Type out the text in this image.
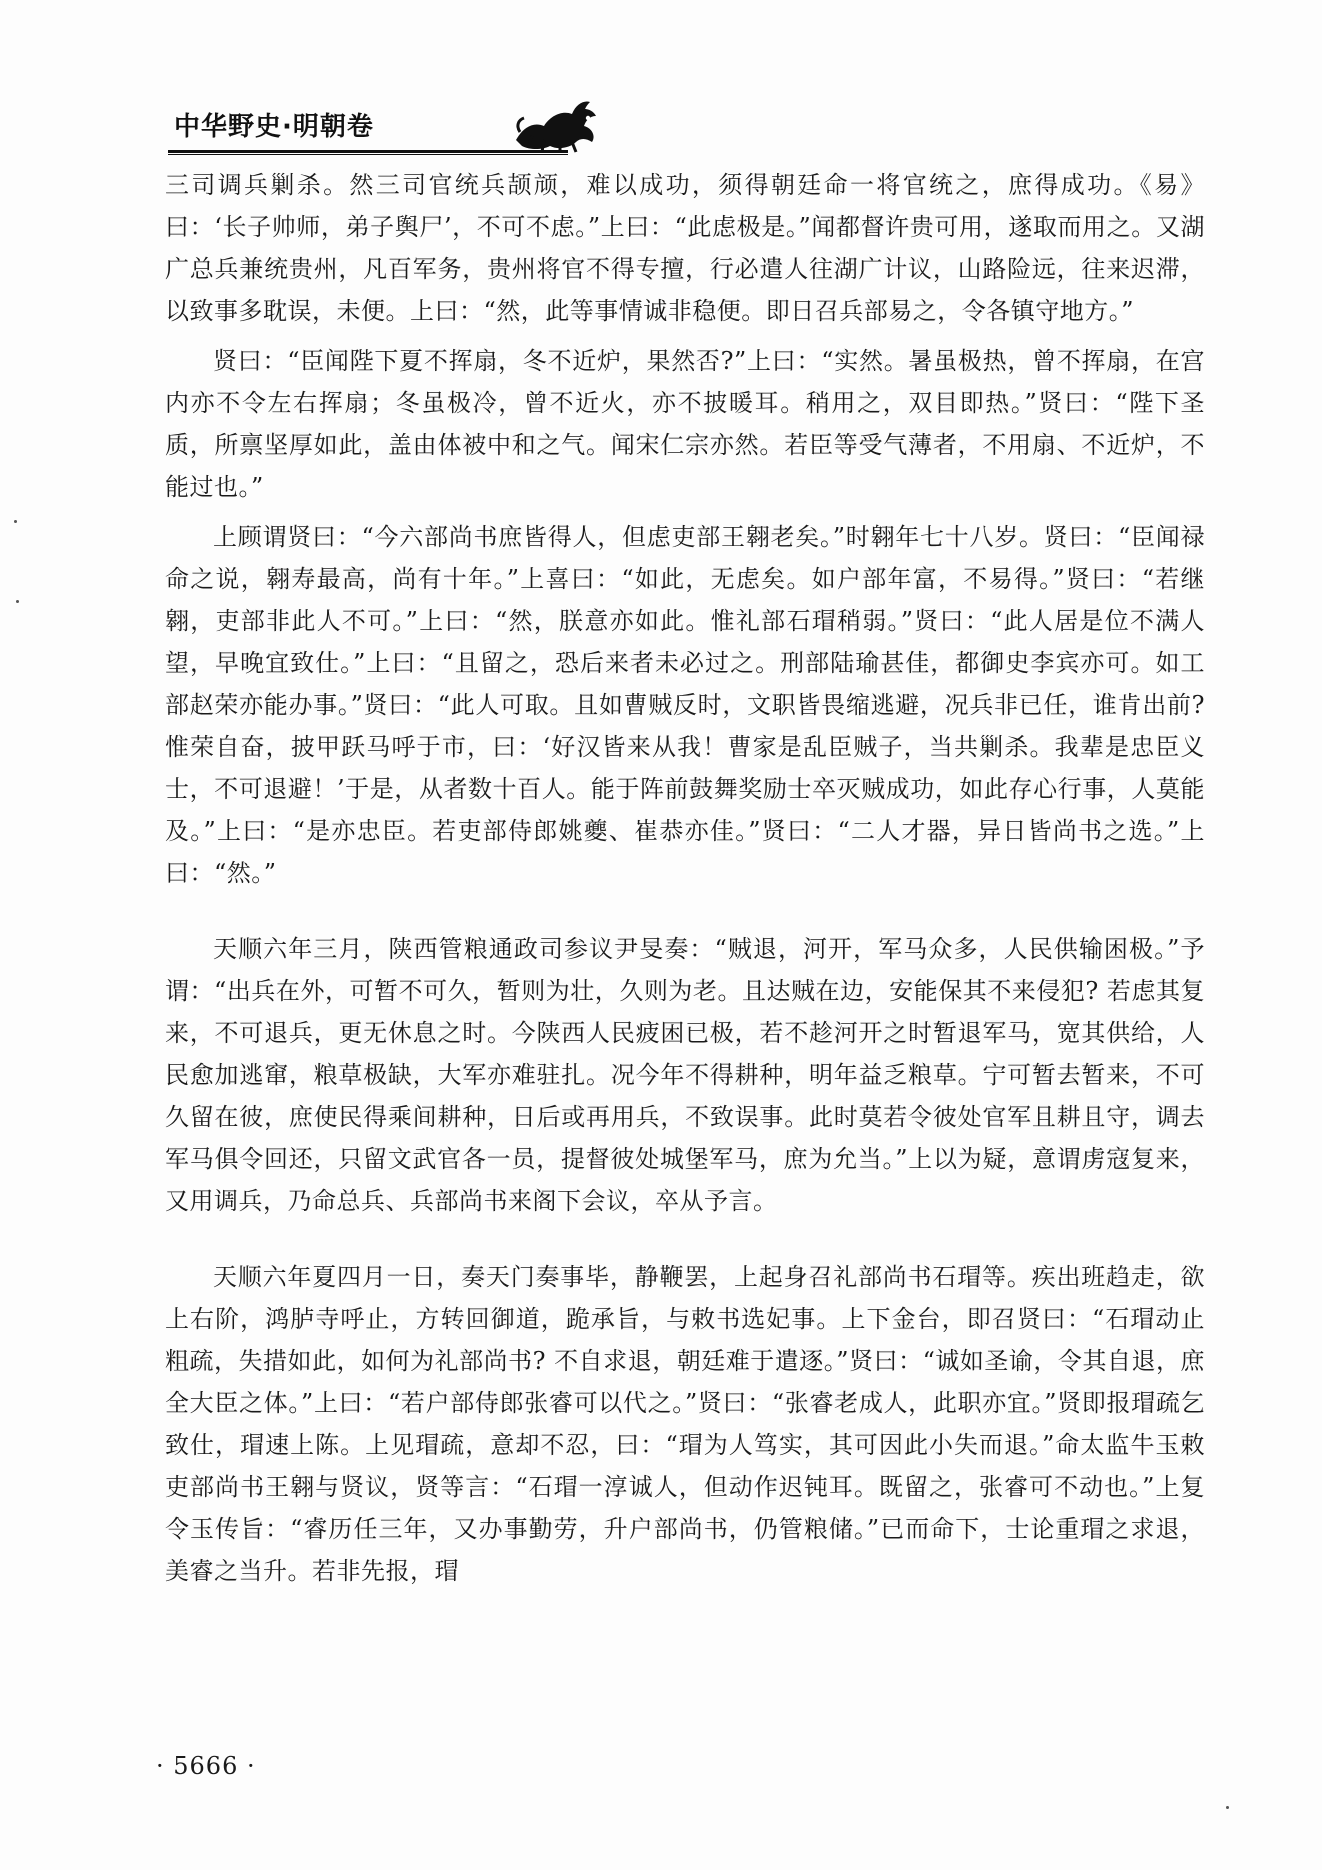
中华野史·明朝卷

三司调兵剿杀。然三司官统兵颉颃，难以成功，须得朝廷命一将官统之，庶得成功。《易》曰：‘长子帅师，弟子舆尸’，不可不虑。”上曰：“此虑极是。”闻都督许贵可用，遂取而用之。又湖广总兵兼统贵州，凡百军务，贵州将官不得专擅，行必遣人往湖广计议，山路险远，往来迟滞，以致事多耽误，未便。上曰：“然，此等事情诚非稳便。即日召兵部易之，令各镇守地方。”

贤曰：“臣闻陛下夏不挥扇，冬不近炉，果然否?”上曰：“实然。暑虽极热，曾不挥扇，在宫内亦不令左右挥扇；冬虽极冷，曾不近火，亦不披暖耳。稍用之，双目即热。”贤曰：“陛下圣质，所禀坚厚如此，盖由体被中和之气。闻宋仁宗亦然。若臣等受气薄者，不用扇、不近炉，不能过也。”

上顾谓贤曰：“今六部尚书庶皆得人，但虑吏部王翱老矣。”时翱年七十八岁。贤曰：“臣闻禄命之说，翱寿最高，尚有十年。”上喜曰：“如此，无虑矣。如户部年富，不易得。”贤曰：“若继翱，吏部非此人不可。”上曰：“然，朕意亦如此。惟礼部石瑁稍弱。”贤曰：“此人居是位不满人望，早晚宜致仕。”上曰：“且留之，恐后来者未必过之。刑部陆瑜甚佳，都御史李宾亦可。如工部赵荣亦能办事。”贤曰：“此人可取。且如曹贼反时，文职皆畏缩逃避，况兵非已任，谁肯出前? 惟荣自奋，披甲跃马呼于市，曰：‘好汉皆来从我！曹家是乱臣贼子，当共剿杀。我辈是忠臣义士，不可退避！’于是，从者数十百人。能于阵前鼓舞奖励士卒灭贼成功，如此存心行事，人莫能及。”上曰：“是亦忠臣。若吏部侍郎姚夔、崔恭亦佳。”贤曰：“二人才器，异日皆尚书之选。”上曰：“然。”

天顺六年三月，陕西管粮通政司参议尹旻奏：“贼退，河开，军马众多，人民供输困极。”予谓：“出兵在外，可暂不可久，暂则为壮，久则为老。且达贼在边，安能保其不来侵犯? 若虑其复来，不可退兵，更无休息之时。今陕西人民疲困已极，若不趁河开之时暂退军马，宽其供给，人民愈加逃窜，粮草极缺，大军亦难驻扎。况今年不得耕种，明年益乏粮草。宁可暂去暂来，不可久留在彼，庶使民得乘间耕种，日后或再用兵，不致误事。此时莫若令彼处官军且耕且守，调去军马俱令回还，只留文武官各一员，提督彼处城堡军马，庶为允当。”上以为疑，意谓虏寇复来，又用调兵，乃命总兵、兵部尚书来阁下会议，卒从予言。

天顺六年夏四月一日，奏天门奏事毕，静鞭罢，上起身召礼部尚书石瑁等。疾出班趋走，欲上右阶，鸿胪寺呼止，方转回御道，跪承旨，与敕书选妃事。上下金台，即召贤曰：“石瑁动止粗疏，失措如此，如何为礼部尚书? 不自求退，朝廷难于遣逐。”贤曰：“诚如圣谕，令其自退，庶全大臣之体。”上曰：“若户部侍郎张睿可以代之。”贤曰：“张睿老成人，此职亦宜。”贤即报瑁疏乞致仕，瑁速上陈。上见瑁疏，意却不忍，曰：“瑁为人笃实，其可因此小失而退。”命太监牛玉敕吏部尚书王翱与贤议，贤等言：“石瑁一淳诚人，但动作迟钝耳。既留之，张睿可不动也。”上复令玉传旨：“睿历任三年，又办事勤劳，升户部尚书，仍管粮储。”已而命下，士论重瑁之求退，美睿之当升。若非先报，瑁

· 5666 ·
